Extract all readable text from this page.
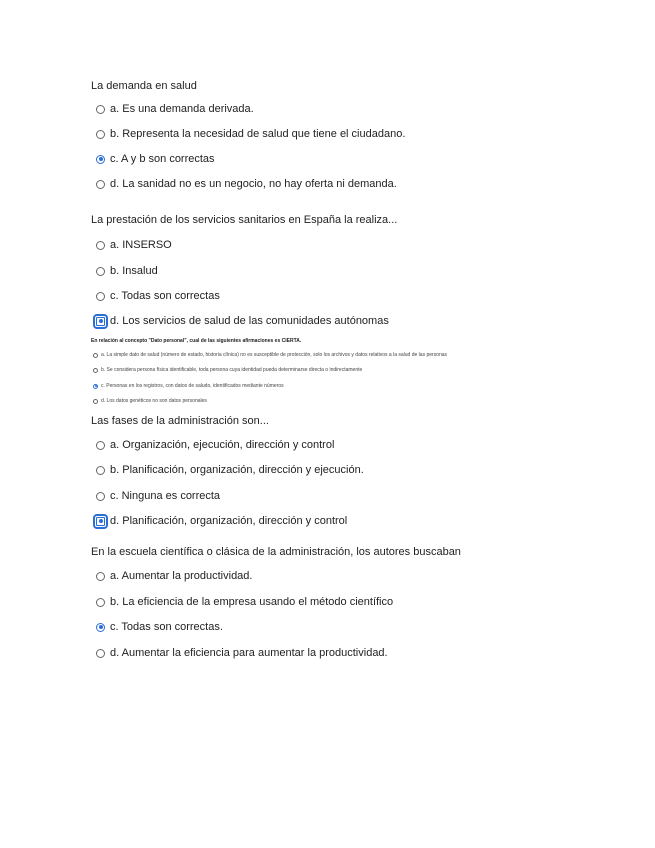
La demanda en salud
a. Es una demanda derivada.
b. Representa la necesidad de salud que tiene el ciudadano.
c. A y b son correctas
d. La sanidad no es un negocio, no hay oferta ni demanda.
La prestación de los servicios sanitarios en España la realiza...
a. INSERSO
b. Insalud
c. Todas son correctas
d. Los servicios de salud de las comunidades autónomas
En relación al concepto "Dato personal", cual de las siguientes afirmaciones es CIERTA.
a. La simple dato de salud (número de estado, historia clínica) no es susceptible de protección, solo los archivos y datos relativos a la salud de las personas
b. Se considera persona física identificable, toda persona cuya identidad pueda determinarse directa o indirectamente
c. Personas en los registros, con datos de saludo, identificados mediante números
d. Los datos genéticos no son datos personales
Las fases de la administración son...
a. Organización, ejecución, dirección y control
b. Planificación, organización, dirección y ejecución.
c. Ninguna es correcta
d. Planificación, organización, dirección y control
En la escuela científica o clásica de la administración, los autores buscaban
a. Aumentar la productividad.
b. La eficiencia de la empresa usando el método científico
c. Todas son correctas.
d. Aumentar la eficiencia para aumentar la productividad.
